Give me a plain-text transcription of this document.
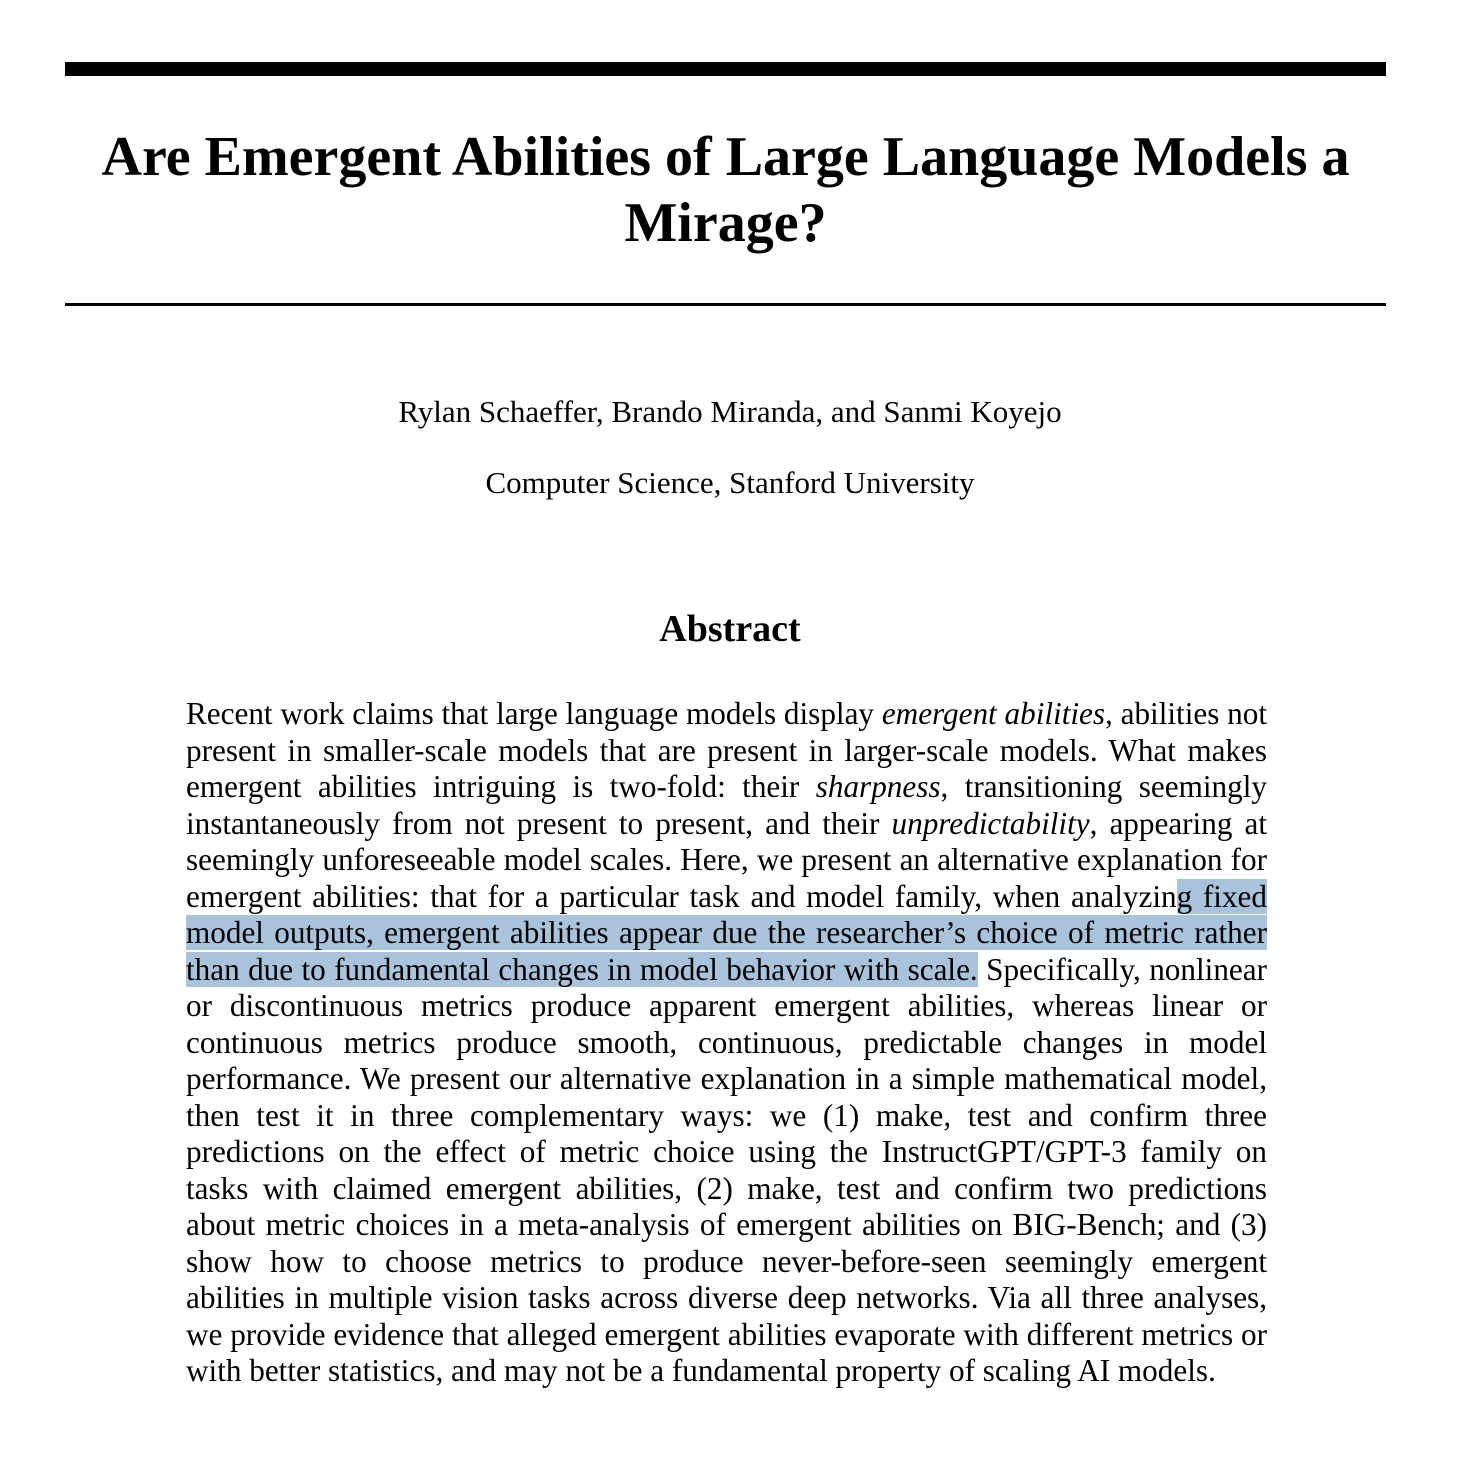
Are Emergent Abilities of Large Language Models a Mirage?
Rylan Schaeffer, Brando Miranda, and Sanmi Koyejo
Computer Science, Stanford University
Abstract

Recent work claims that large language models display emergent abilities, abilities not present in smaller-scale models that are present in larger-scale models. What makes emergent abilities intriguing is two-fold: their sharpness, transitioning seemingly instantaneously from not present to present, and their unpredictability, appearing at seemingly unforeseeable model scales. Here, we present an alternative explanation for emergent abilities: that for a particular task and model family, when analyzing fixed model outputs, emergent abilities appear due the researcher’s choice of metric rather than due to fundamental changes in model behavior with scale. Specifically, nonlinear or discontinuous metrics produce apparent emergent abilities, whereas linear or continuous metrics produce smooth, continuous, predictable changes in model performance. We present our alternative explanation in a simple mathematical model, then test it in three complementary ways: we (1) make, test and confirm three predictions on the effect of metric choice using the InstructGPT/GPT-3 family on tasks with claimed emergent abilities, (2) make, test and confirm two predictions about metric choices in a meta-analysis of emergent abilities on BIG-Bench; and (3) show how to choose metrics to produce never-before-seen seemingly emergent abilities in multiple vision tasks across diverse deep networks. Via all three analyses, we provide evidence that alleged emergent abilities evaporate with different metrics or with better statistics, and may not be a fundamental property of scaling AI models.
